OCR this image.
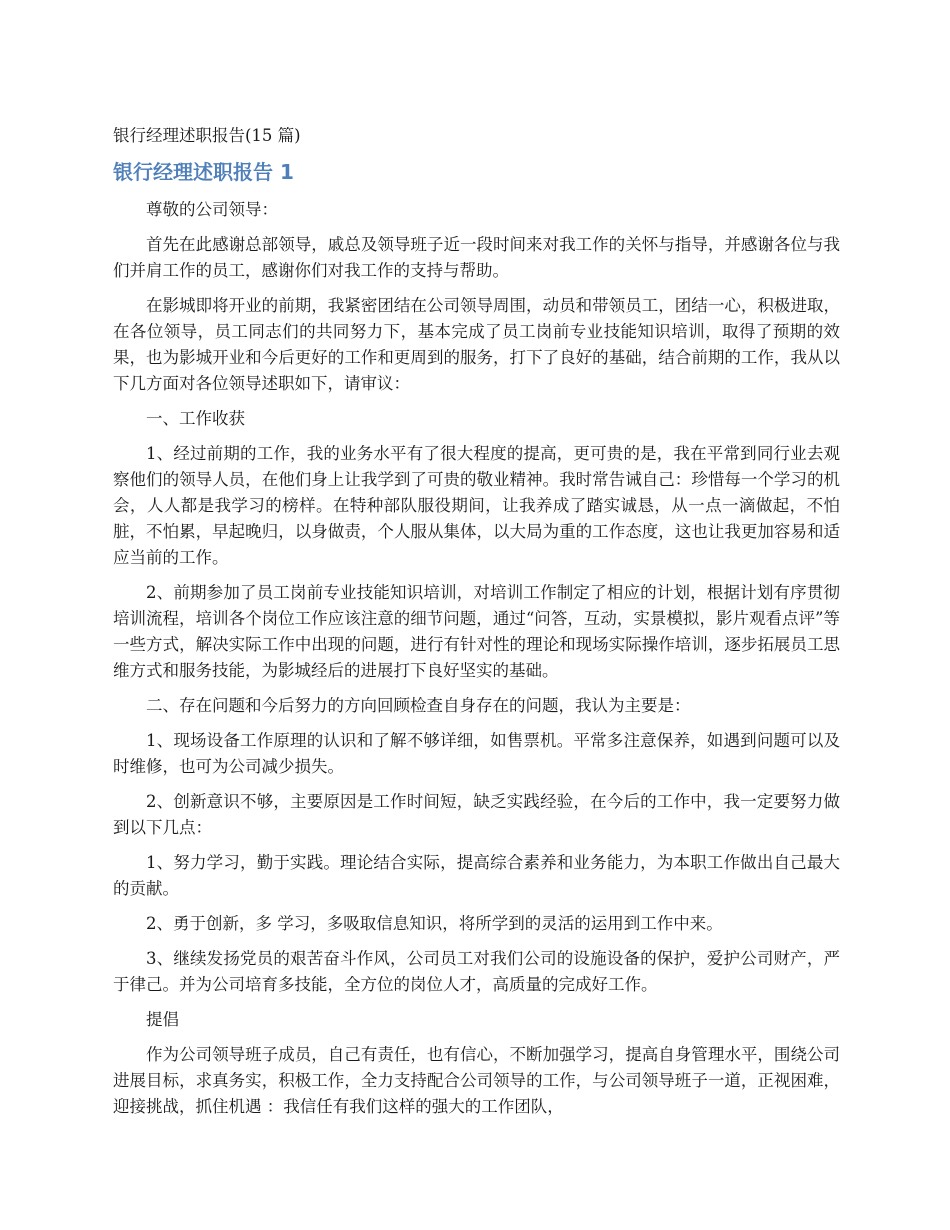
银行经理述职报告(15 篇)
银行经理述职报告 1

尊敬的公司领导：

首先在此感谢总部领导，戚总及领导班子近一段时间来对我工作的关怀与指导，并感谢各位与我们并肩工作的员工，感谢你们对我工作的支持与帮助。

在影城即将开业的前期，我紧密团结在公司领导周围，动员和带领员工，团结一心，积极进取，在各位领导，员工同志们的共同努力下，基本完成了员工岗前专业技能知识培训，取得了预期的效果，也为影城开业和今后更好的工作和更周到的服务，打下了良好的基础，结合前期的工作，我从以下几方面对各位领导述职如下，请审议：

一、工作收获

1、经过前期的工作，我的业务水平有了很大程度的提高，更可贵的是，我在平常到同行业去观察他们的领导人员，在他们身上让我学到了可贵的敬业精神。我时常告诫自己：珍惜每一个学习的机会，人人都是我学习的榜样。在特种部队服役期间，让我养成了踏实诚恳，从一点一滴做起，不怕脏，不怕累，早起晚归，以身做责，个人服从集体，以大局为重的工作态度，这也让我更加容易和适应当前的工作。

2、前期参加了员工岗前专业技能知识培训，对培训工作制定了相应的计划，根据计划有序贯彻培训流程，培训各个岗位工作应该注意的细节问题，通过“问答，互动，实景模拟，影片观看点评”等一些方式，解决实际工作中出现的问题，进行有针对性的理论和现场实际操作培训，逐步拓展员工思维方式和服务技能，为影城经后的进展打下良好坚实的基础。

二、存在问题和今后努力的方向回顾检查自身存在的问题，我认为主要是：

1、现场设备工作原理的认识和了解不够详细，如售票机。平常多注意保养，如遇到问题可以及时维修，也可为公司减少损失。

2、创新意识不够，主要原因是工作时间短，缺乏实践经验，在今后的工作中，我一定要努力做到以下几点：

1、努力学习，勤于实践。理论结合实际，提高综合素养和业务能力，为本职工作做出自己最大的贡献。

2、勇于创新，多 学习，多吸取信息知识，将所学到的灵活的运用到工作中来。

3、继续发扬党员的艰苦奋斗作风，公司员工对我们公司的设施设备的保护，爱护公司财产，严于律己。并为公司培育多技能，全方位的岗位人才，高质量的完成好工作。

提倡

作为公司领导班子成员，自己有责任，也有信心，不断加强学习，提高自身管理水平，围绕公司进展目标，求真务实，积极工作，全力支持配合公司领导的工作，与公司领导班子一道，正视困难，迎接挑战，抓住机遇 ：我信任有我们这样的强大的工作团队，
